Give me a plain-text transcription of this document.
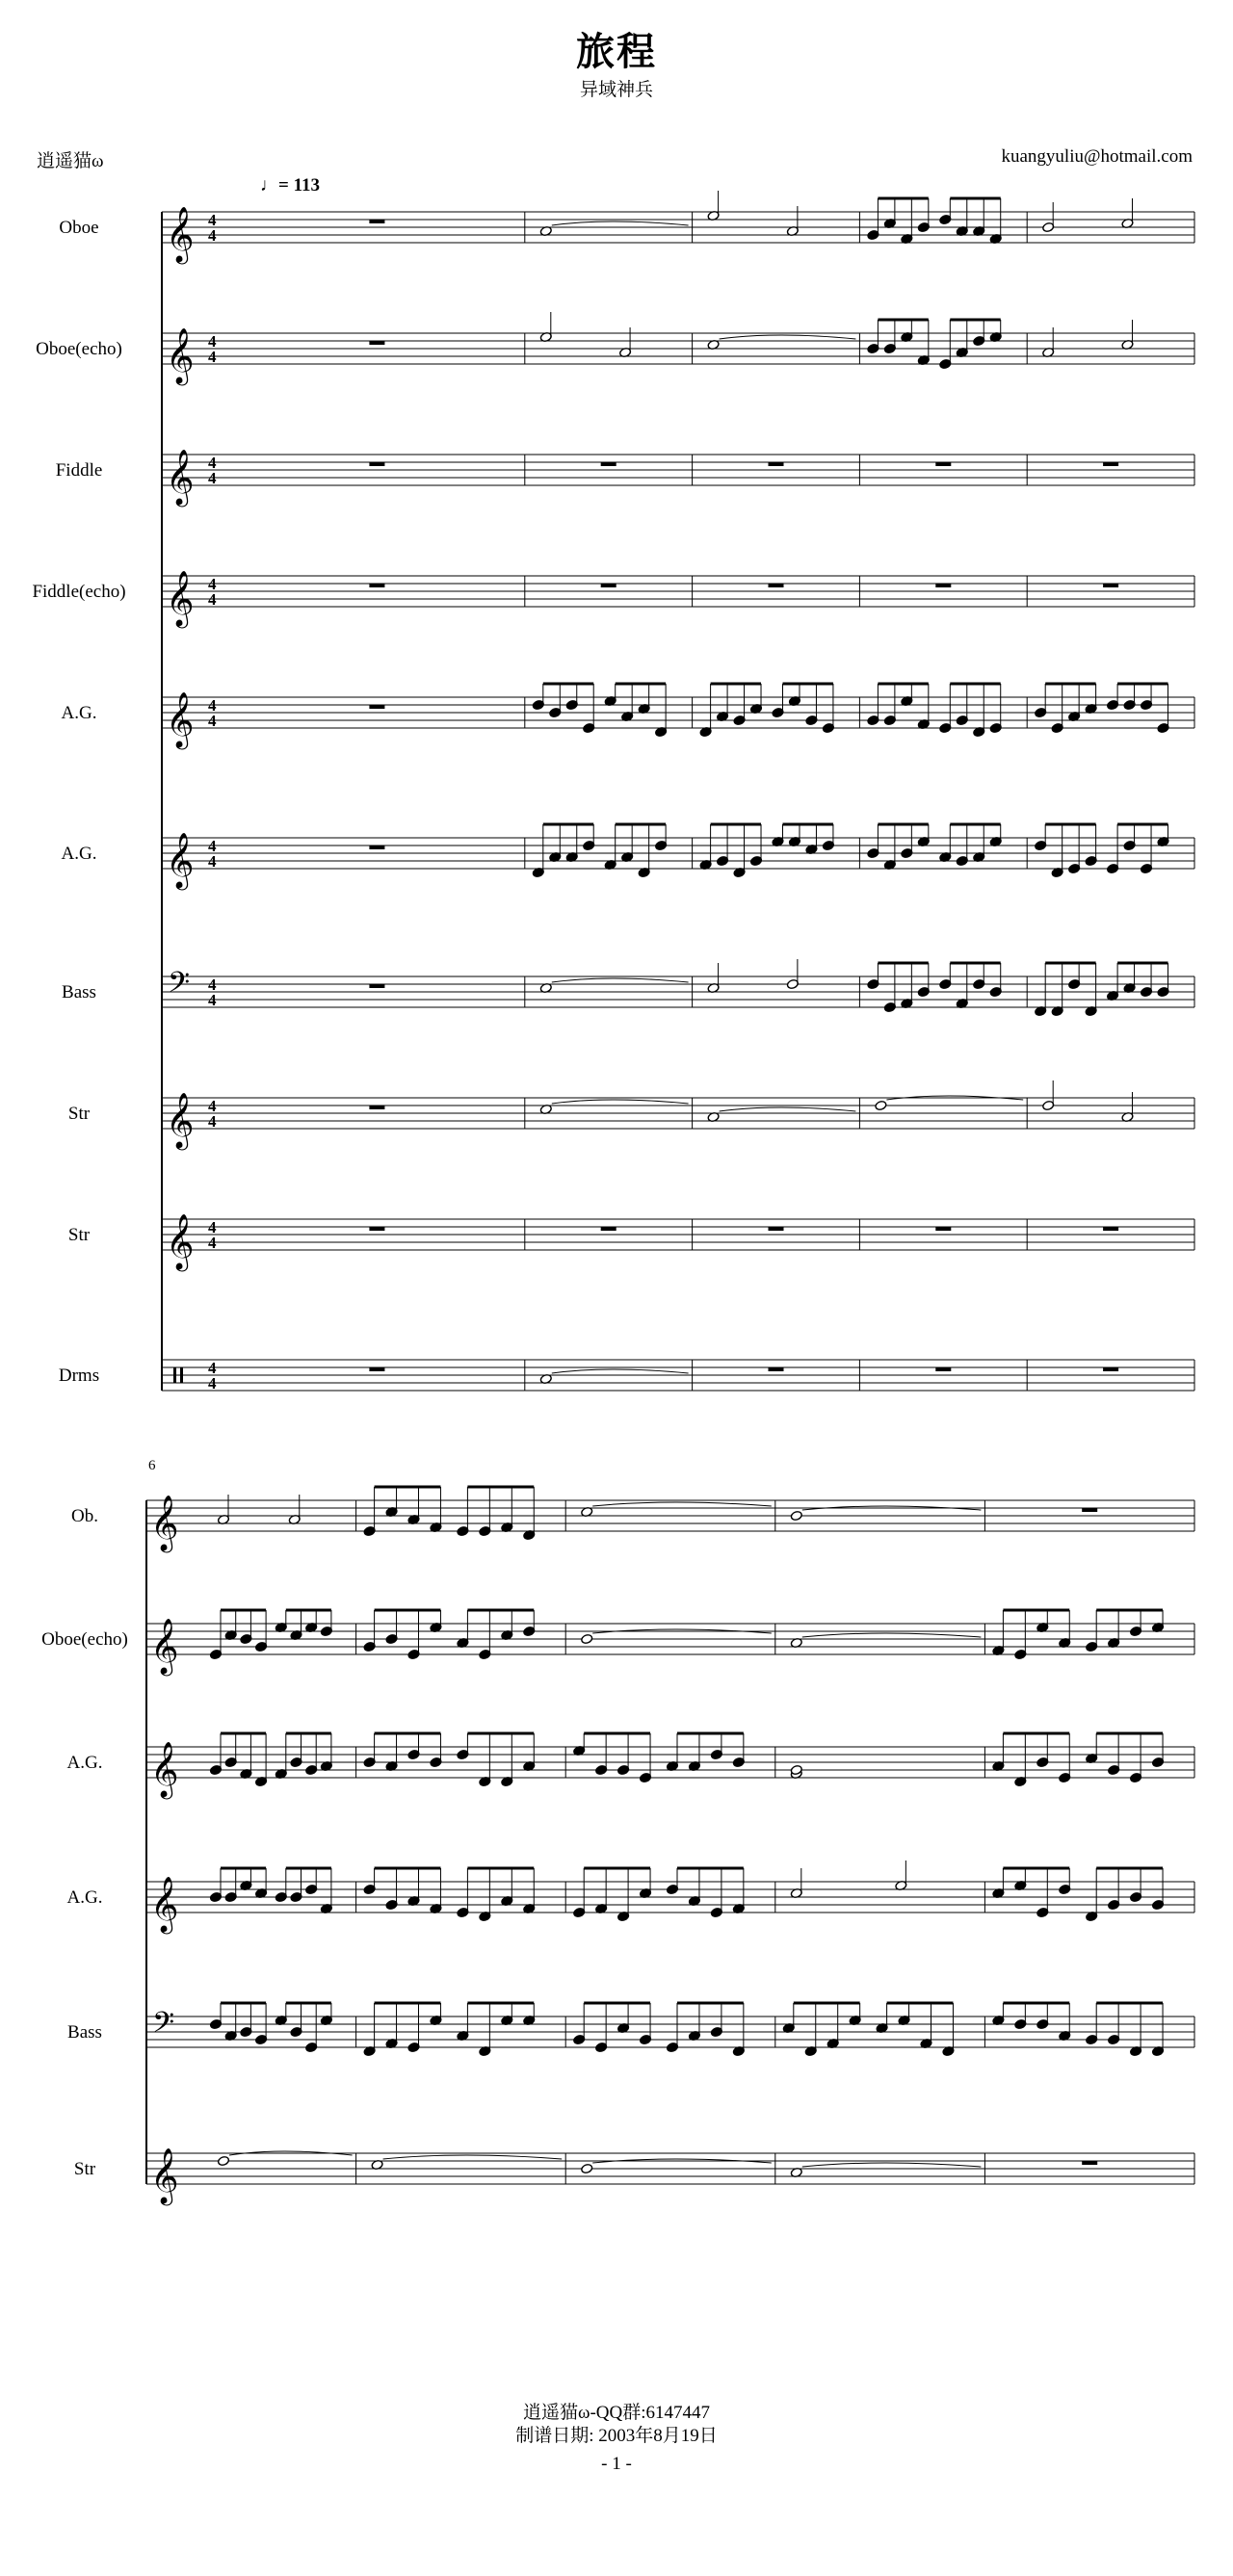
旅程
异域神兵
逍遥猫ω	kuangyuliu@hotmail.com
Oboe 𝄞 4
4
Oboe(echo) 𝄞 4
4
Fiddle 𝄞 4
4
Fiddle(echo) 𝄞 4
4
A.G. 𝄞 4
4
A.G. 𝄞 4
4
Bass 𝄢 4
4
Str 𝄞 4
4
Str 𝄞 4
4
Drms	4
4
♩= 113
Ob. 𝄞
Oboe(echo) 𝄞
A.G. 𝄞
A.G. 𝄞
Bass 𝄢
Str 𝄞
6
逍遥猫ω-QQ群:6147447
制谱日期: 2003年8月19日
- 1 -
